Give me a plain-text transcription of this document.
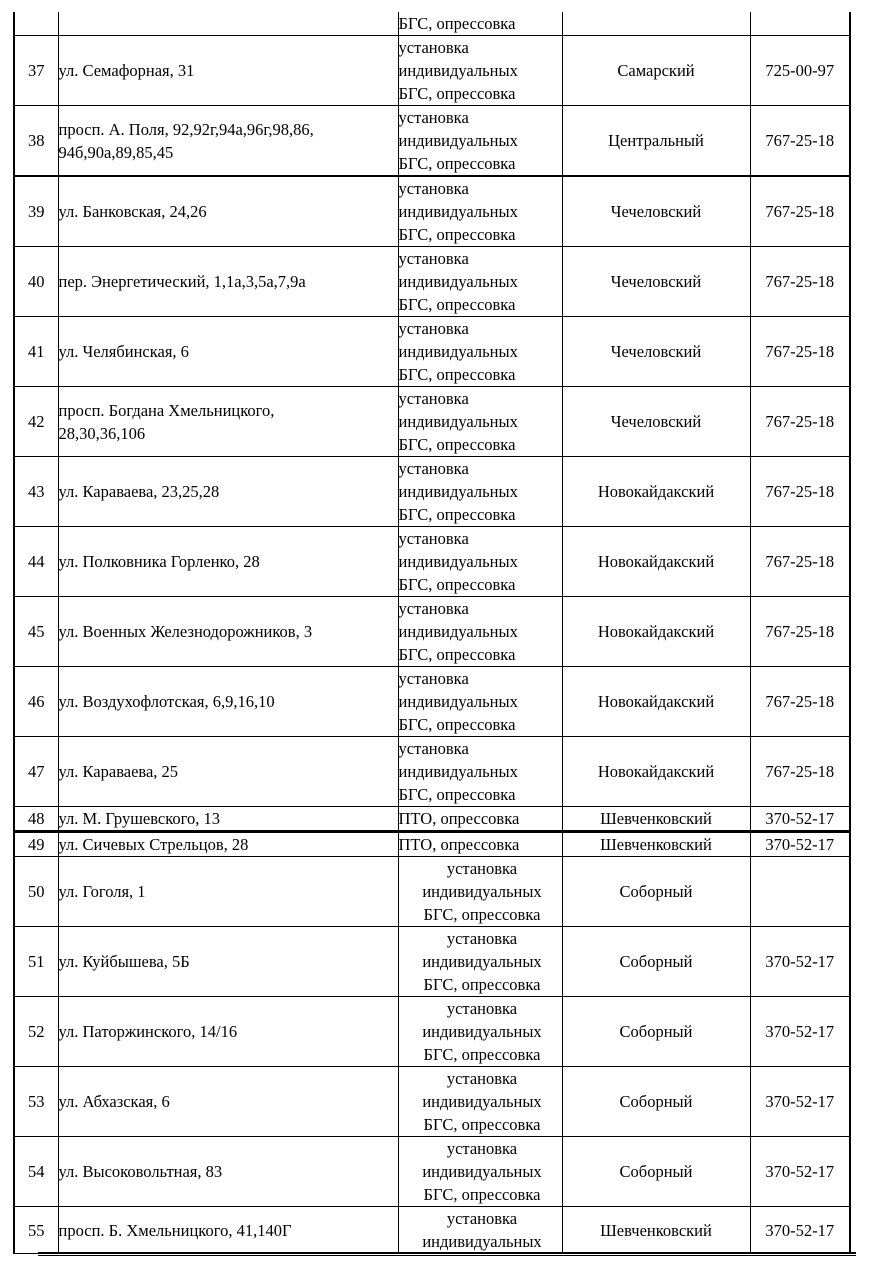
		БГС, опрессовка		

37	ул. Семафорная, 31	установка
индивидуальных
БГС, опрессовка	Самарский	725-00-97
38	просп. А. Поля, 92,92г,94а,96г,98,86,
94б,90а,89,85,45	установка
индивидуальных
БГС, опрессовка	Центральный	767-25-18
39	ул. Банковская, 24,26	установка
индивидуальных
БГС, опрессовка	Чечеловский	767-25-18
40	пер. Энергетический, 1,1а,3,5а,7,9а	установка
индивидуальных
БГС, опрессовка	Чечеловский	767-25-18
41	ул. Челябинская, 6	установка
индивидуальных
БГС, опрессовка	Чечеловский	767-25-18
42	просп. Богдана Хмельницкого,
28,30,36,106	установка
индивидуальных
БГС, опрессовка	Чечеловский	767-25-18
43	ул. Караваева, 23,25,28	установка
индивидуальных
БГС, опрессовка	Новокайдакский	767-25-18
44	ул. Полковника Горленко, 28	установка
индивидуальных
БГС, опрессовка	Новокайдакский	767-25-18
45	ул. Военных Железнодорожников, 3	установка
индивидуальных
БГС, опрессовка	Новокайдакский	767-25-18
46	ул. Воздухофлотская, 6,9,16,10	установка
индивидуальных
БГС, опрессовка	Новокайдакский	767-25-18
47	ул. Караваева, 25	установка
индивидуальных
БГС, опрессовка	Новокайдакский	767-25-18
48	ул. М. Грушевского, 13	ПТО, опрессовка	Шевченковский	370-52-17
49	ул. Сичевых Стрельцов, 28	ПТО, опрессовка	Шевченковский	370-52-17
50	ул. Гоголя, 1	установка
индивидуальных
БГС, опрессовка	Соборный	
51	ул. Куйбышева, 5Б	установка
индивидуальных
БГС, опрессовка	Соборный	370-52-17
52	ул. Паторжинского, 14/16	установка
индивидуальных
БГС, опрессовка	Соборный	370-52-17
53	ул. Абхазская, 6	установка
индивидуальных
БГС, опрессовка	Соборный	370-52-17
54	ул. Высоковольтная, 83	установка
индивидуальных
БГС, опрессовка	Соборный	370-52-17
55	просп. Б. Хмельницкого, 41,140Г	установка
индивидуальных	Шевченковский	370-52-17
